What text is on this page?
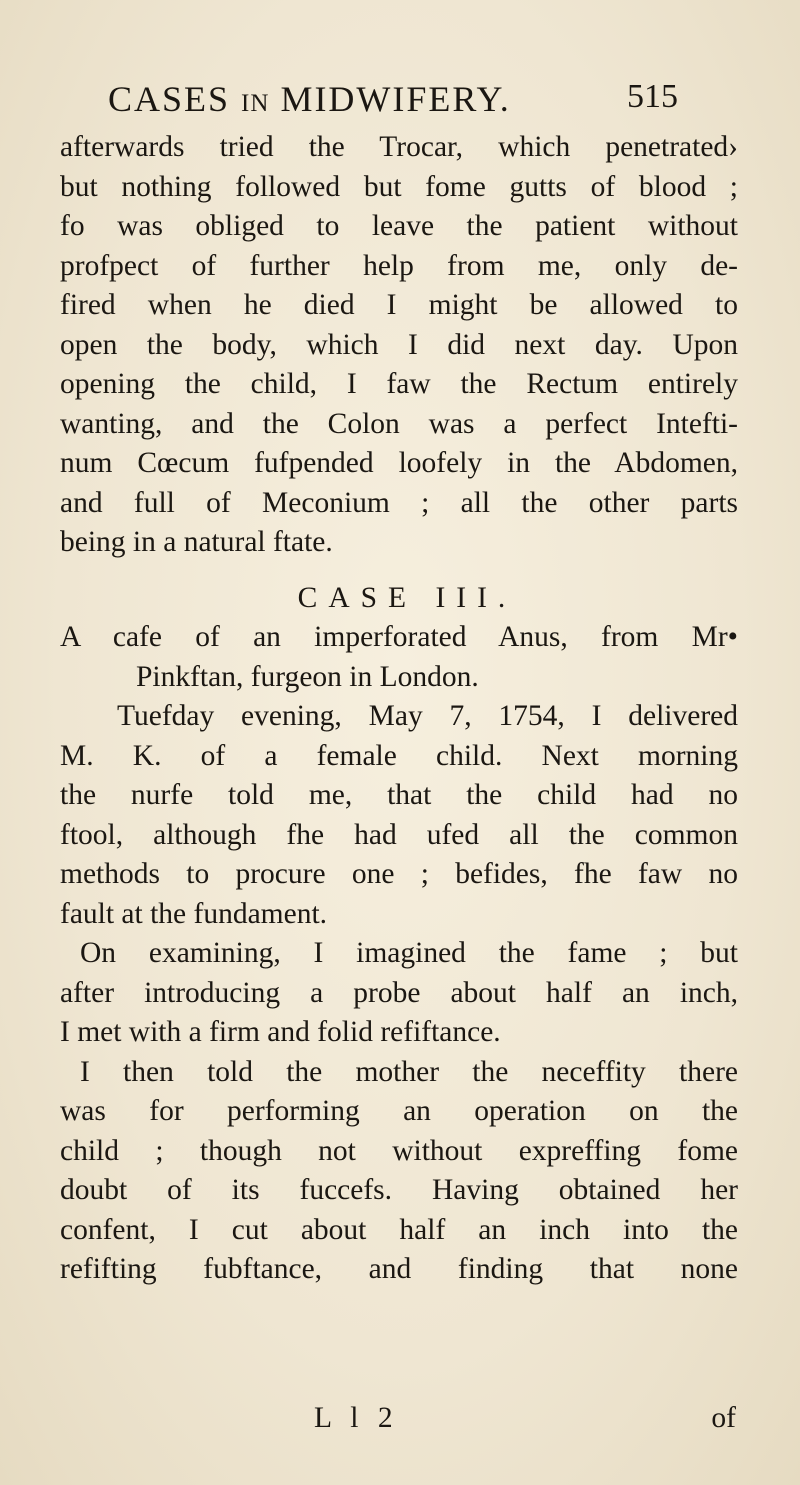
CASES IN MIDWIFERY.	515
afterwards tried the Trocar, which penetrated›
but nothing followed but fome gutts of blood ;
fo was obliged to leave the patient without
profpect of further help from me, only de-
fired when he died I might be allowed to
open the body, which I did next day. Upon
opening the child, I faw the Rectum entirely
wanting, and the Colon was a perfect Intefti-
num Cœcum fufpended loofely in the Abdomen,
and full of Meconium ; all the other parts
being in a natural ftate.
CASE III.
A cafe of an imperforated Anus, from Mr•
Pinkftan, furgeon in London.
Tuefday evening, May 7, 1754, I delivered
M. K. of a female child. Next morning
the nurfe told me, that the child had no
ftool, although fhe had ufed all the common
methods to procure one ; befides, fhe faw no
fault at the fundament.
On examining, I imagined the fame ; but
after introducing a probe about half an inch,
I met with a firm and folid refiftance.
I then told the mother the neceffity there
was for performing an operation on the
child ; though not without expreffing fome
doubt of its fuccefs. Having obtained her
confent, I cut about half an inch into the
refifting fubftance, and finding that none
L l 2	of
